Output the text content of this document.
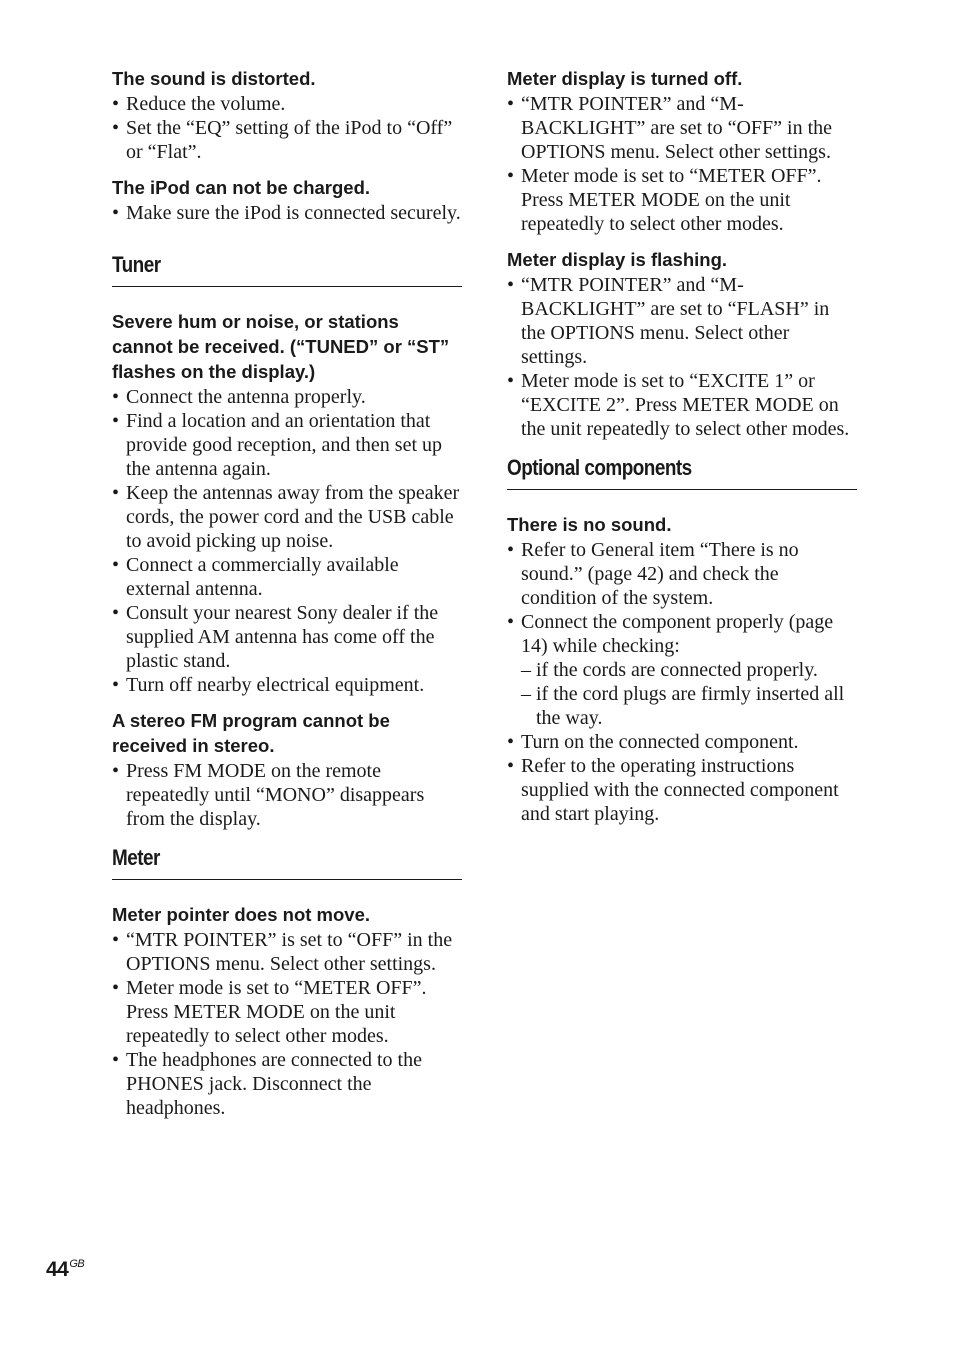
The sound is distorted.
• Reduce the volume.
• Set the “EQ” setting of the iPod to “Off” or “Flat”.
The iPod can not be charged.
• Make sure the iPod is connected securely.
Tuner
Severe hum or noise, or stations cannot be received. (“TUNED” or “ST” flashes on the display.)
• Connect the antenna properly.
• Find a location and an orientation that provide good reception, and then set up the antenna again.
• Keep the antennas away from the speaker cords, the power cord and the USB cable to avoid picking up noise.
• Connect a commercially available external antenna.
• Consult your nearest Sony dealer if the supplied AM antenna has come off the plastic stand.
• Turn off nearby electrical equipment.
A stereo FM program cannot be received in stereo.
• Press FM MODE on the remote repeatedly until “MONO” disappears from the display.
Meter
Meter pointer does not move.
• “MTR POINTER” is set to “OFF” in the OPTIONS menu. Select other settings.
• Meter mode is set to “METER OFF”. Press METER MODE on the unit repeatedly to select other modes.
• The headphones are connected to the PHONES jack. Disconnect the headphones.
Meter display is turned off.
• “MTR POINTER” and “M-BACKLIGHT” are set to “OFF” in the OPTIONS menu. Select other settings.
• Meter mode is set to “METER OFF”. Press METER MODE on the unit repeatedly to select other modes.
Meter display is flashing.
• “MTR POINTER” and “M-BACKLIGHT” are set to “FLASH” in the OPTIONS menu. Select other settings.
• Meter mode is set to “EXCITE 1” or “EXCITE 2”. Press METER MODE on the unit repeatedly to select other modes.
Optional components
There is no sound.
• Refer to General item “There is no sound.” (page 42) and check the condition of the system.
• Connect the component properly (page 14) while checking:
– if the cords are connected properly.
– if the cord plugs are firmly inserted all the way.
• Turn on the connected component.
• Refer to the operating instructions supplied with the connected component and start playing.
$44^{GB}$
